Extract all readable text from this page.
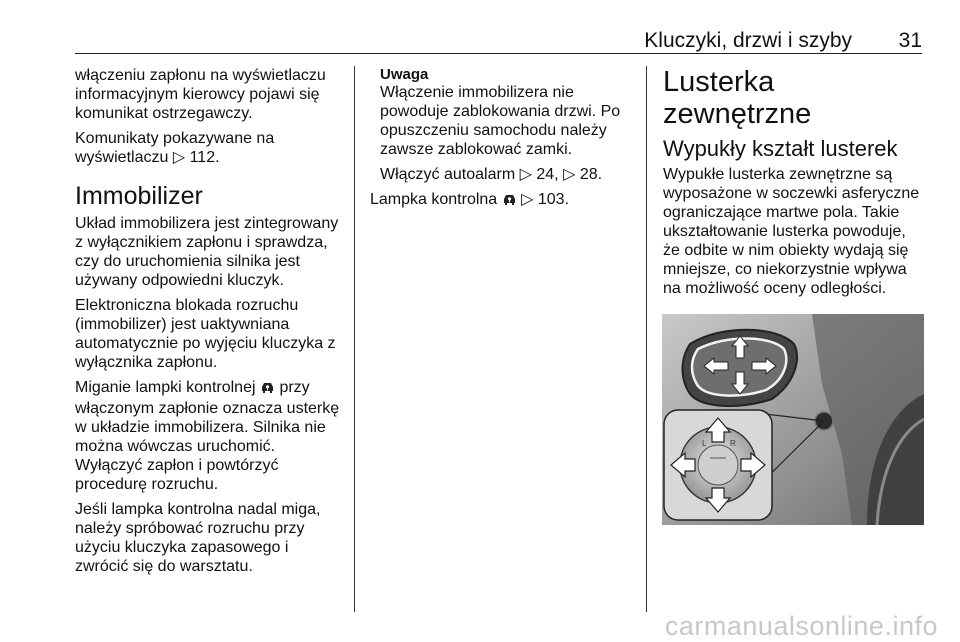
Kluczyki, drzwi i szyby 31

włączeniu zapłonu na wyświetlaczu informacyjnym kierowcy pojawi się komunikat ostrzegawczy.

Komunikaty pokazywane na wyświetlaczu ▷ 112.

Immobilizer

Układ immobilizera jest zintegrowany z wyłącznikiem zapłonu i sprawdza, czy do uruchomienia silnika jest używany odpowiedni kluczyk.

Elektroniczna blokada rozruchu (immobilizer) jest uaktywniana automatycznie po wyjęciu kluczyka z wyłącznika zapłonu.

Miganie lampki kontrolnej przy włączonym zapłonie oznacza usterkę w układzie immobilizera. Silnika nie można wówczas uruchomić.

Wyłączyć zapłon i powtórzyć procedurę rozruchu.

Jeśli lampka kontrolna nadal miga, należy spróbować rozruchu przy użyciu kluczyka zapasowego i zwrócić się do warsztatu.

Uwaga

Włączenie immobilizera nie powoduje zablokowania drzwi. Po opuszczeniu samochodu należy zawsze zablokować zamki.

Włączyć autoalarm ▷ 24, ▷ 28.

Lampka kontrolna ▷ 103.

Lusterka zewnętrzne
Wypukły kształt lusterek

Wypukłe lusterka zewnętrzne są wyposażone w soczewki asferyczne ograniczające martwe pola. Takie ukształtowanie lusterka powoduje, że odbite w nim obiekty wydają się mniejsze, co niekorzystnie wpływa na możliwość oceny odległości.

L	R
carmanualsonline.info
